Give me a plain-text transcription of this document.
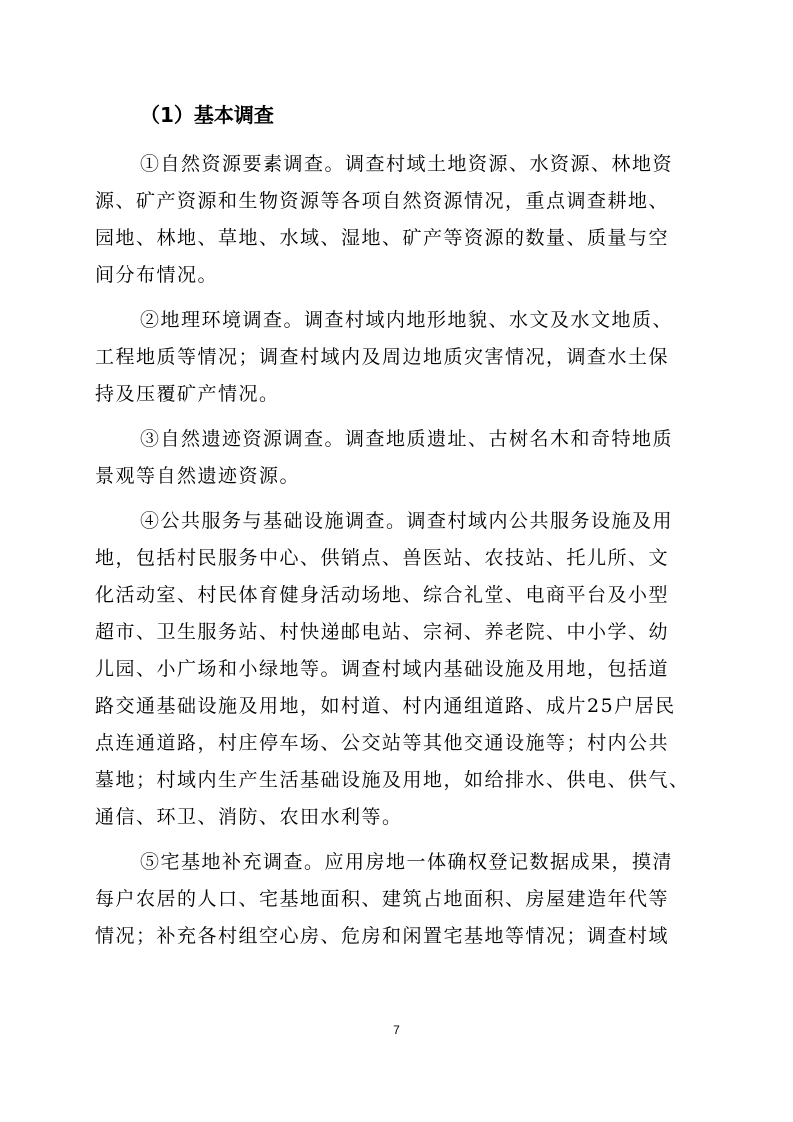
（1）基本调查

①自然资源要素调查。调查村域土地资源、水资源、林地资
源、矿产资源和生物资源等各项自然资源情况，重点调查耕地、
园地、林地、草地、水域、湿地、矿产等资源的数量、质量与空
间分布情况。

②地理环境调查。调查村域内地形地貌、水文及水文地质、
工程地质等情况；调查村域内及周边地质灾害情况，调查水土保
持及压覆矿产情况。

③自然遗迹资源调查。调查地质遗址、古树名木和奇特地质
景观等自然遗迹资源。

④公共服务与基础设施调查。调查村域内公共服务设施及用
地，包括村民服务中心、供销点、兽医站、农技站、托儿所、文
化活动室、村民体育健身活动场地、综合礼堂、电商平台及小型
超市、卫生服务站、村快递邮电站、宗祠、养老院、中小学、幼
儿园、小广场和小绿地等。调查村域内基础设施及用地，包括道
路交通基础设施及用地，如村道、村内通组道路、成片25户居民
点连通道路，村庄停车场、公交站等其他交通设施等；村内公共
墓地；村域内生产生活基础设施及用地，如给排水、供电、供气、
通信、环卫、消防、农田水利等。

⑤宅基地补充调查。应用房地一体确权登记数据成果，摸清
每户农居的人口、宅基地面积、建筑占地面积、房屋建造年代等
情况；补充各村组空心房、危房和闲置宅基地等情况；调查村域

7
